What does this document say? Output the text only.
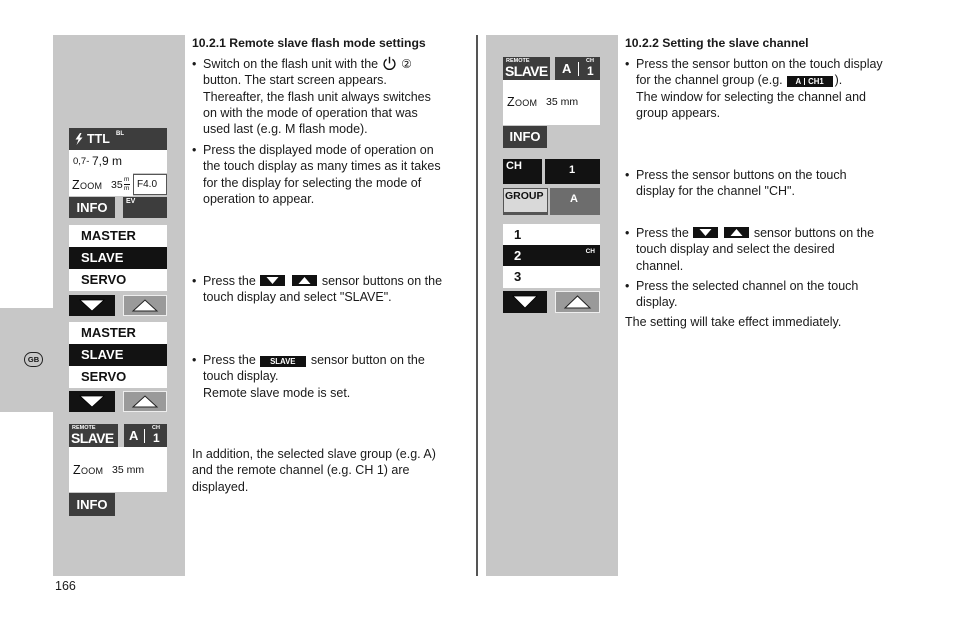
GB
TTL BL
0,7- 7,9 m
ZOOM 35 m
m F4.0
INFO	EV
MASTER
SLAVE
SERVO
MASTER
SLAVE
SERVO
REMOTE
SLAVE A CH
1
ZOOM 35 mm
INFO
REMOTE
SLAVE A	CH
1
ZOOM 35 mm
INFO
CH	1
GROUP A
1
2	CH
3
10.2.1 Remote slave flash mode settings
• Switch on the flash unit with the ②
button. The start screen appears.
Thereafter, the flash unit always switches
on with the mode of operation that was
used last (e.g. M flash mode).
• Press the displayed mode of operation on
the touch display as many times as it takes
for the display for selecting the mode of
operation to appear.
• Press the	sensor buttons on the
touch display and select "SLAVE".
• Press the SLAVE sensor button on the
touch display.
Remote slave mode is set.
In addition, the selected slave group (e.g. A)
and the remote channel (e.g. CH 1) are
displayed.
10.2.2 Setting the slave channel
• Press the sensor button on the touch display
for the channel group (e.g. A CH1 ).
The window for selecting the channel and
group appears.
• Press the sensor buttons on the touch
display for the channel "CH".
• Press the	sensor buttons on the
touch display and select the desired
channel.
• Press the selected channel on the touch
display.
The setting will take effect immediately.
166
